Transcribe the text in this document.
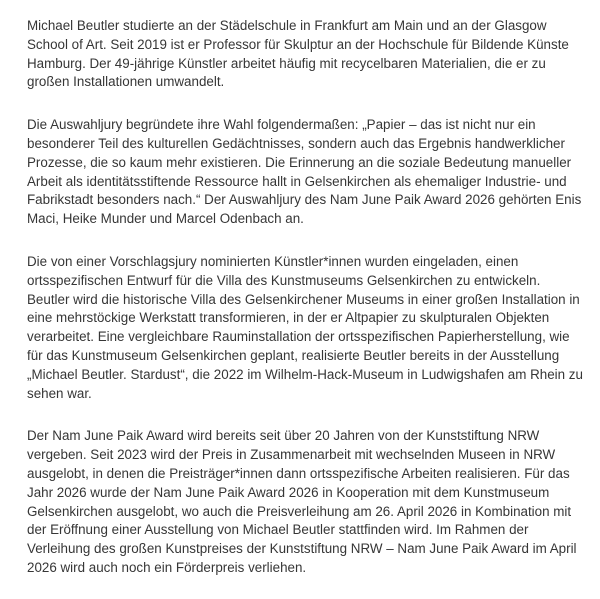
Michael Beutler studierte an der Städelschule in Frankfurt am Main und an der Glasgow School of Art. Seit 2019 ist er Professor für Skulptur an der Hochschule für Bildende Künste Hamburg. Der 49-jährige Künstler arbeitet häufig mit recycelbaren Materialien, die er zu großen Installationen umwandelt.

Die Auswahljury begründete ihre Wahl folgendermaßen: „Papier – das ist nicht nur ein besonderer Teil des kulturellen Gedächtnisses, sondern auch das Ergebnis handwerklicher Prozesse, die so kaum mehr existieren. Die Erinnerung an die soziale Bedeutung manueller Arbeit als identitätsstiftende Ressource hallt in Gelsenkirchen als ehemaliger Industrie- und Fabrikstadt besonders nach.“ Der Auswahljury des Nam June Paik Award 2026 gehörten Enis Maci, Heike Munder und Marcel Odenbach an.

Die von einer Vorschlagsjury nominierten Künstler*innen wurden eingeladen, einen ortsspezifischen Entwurf für die Villa des Kunstmuseums Gelsenkirchen zu entwickeln. Beutler wird die historische Villa des Gelsenkirchener Museums in einer großen Installation in eine mehrstöckige Werkstatt transformieren, in der er Altpapier zu skulpturalen Objekten verarbeitet. Eine vergleichbare Rauminstallation der ortsspezifischen Papierherstellung, wie für das Kunstmuseum Gelsenkirchen geplant, realisierte Beutler bereits in der Ausstellung „Michael Beutler. Stardust“, die 2022 im Wilhelm-Hack-Museum in Ludwigshafen am Rhein zu sehen war.

Der Nam June Paik Award wird bereits seit über 20 Jahren von der Kunststiftung NRW vergeben. Seit 2023 wird der Preis in Zusammenarbeit mit wechselnden Museen in NRW ausgelobt, in denen die Preisträger*innen dann ortsspezifische Arbeiten realisieren. Für das Jahr 2026 wurde der Nam June Paik Award 2026 in Kooperation mit dem Kunstmuseum Gelsenkirchen ausgelobt, wo auch die Preisverleihung am 26. April 2026 in Kombination mit der Eröffnung einer Ausstellung von Michael Beutler stattfinden wird. Im Rahmen der Verleihung des großen Kunstpreises der Kunststiftung NRW – Nam June Paik Award im April 2026 wird auch noch ein Förderpreis verliehen.
